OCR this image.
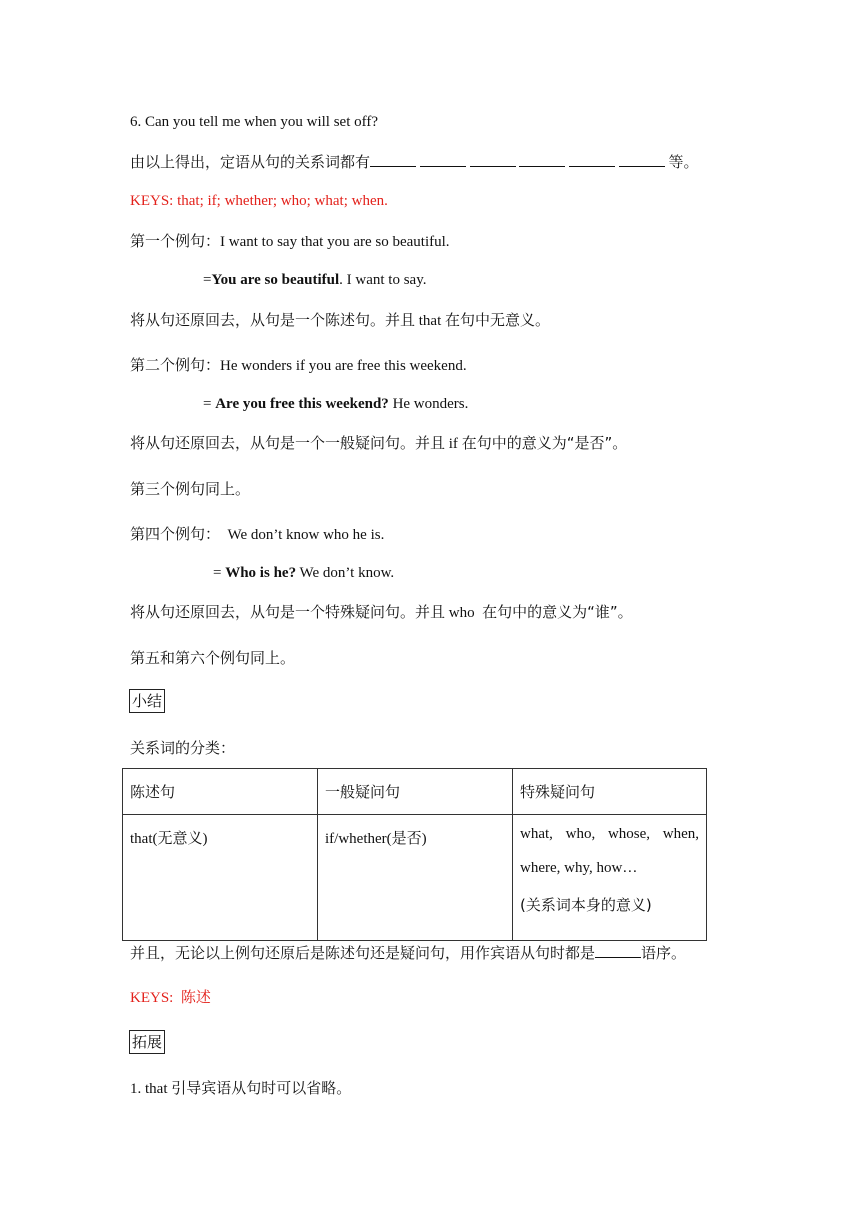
6. Can you tell me when you will set off?
由以上得出，定语从句的关系词都有	等。
KEYS: that; if; whether; who; what; when.
第一个例句：I want to say that you are so beautiful.
=You are so beautiful. I want to say.
将从句还原回去，从句是一个陈述句。并且 that 在句中无意义。
第二个例句：He wonders if you are free this weekend.
= Are you free this weekend? He wonders.
将从句还原回去，从句是一个一般疑问句。并且 if 在句中的意义为“是否”。
第三个例句同上。
第四个例句：  We don’t know who he is.
= Who is he? We don’t know.
将从句还原回去，从句是一个特殊疑问句。并且 who  在句中的意义为“谁”。
第五和第六个例句同上。
小结
关系词的分类：
陈述句	一般疑问句	特殊疑问句
that(无意义)	if/whether(是否)	what,   who,   whose,   when,
where, why, how…
(关系词本身的意义)
并且，无论以上例句还原后是陈述句还是疑问句，用作宾语从句时都是	语序。
KEYS:  陈述
拓展
1. that 引导宾语从句时可以省略。
